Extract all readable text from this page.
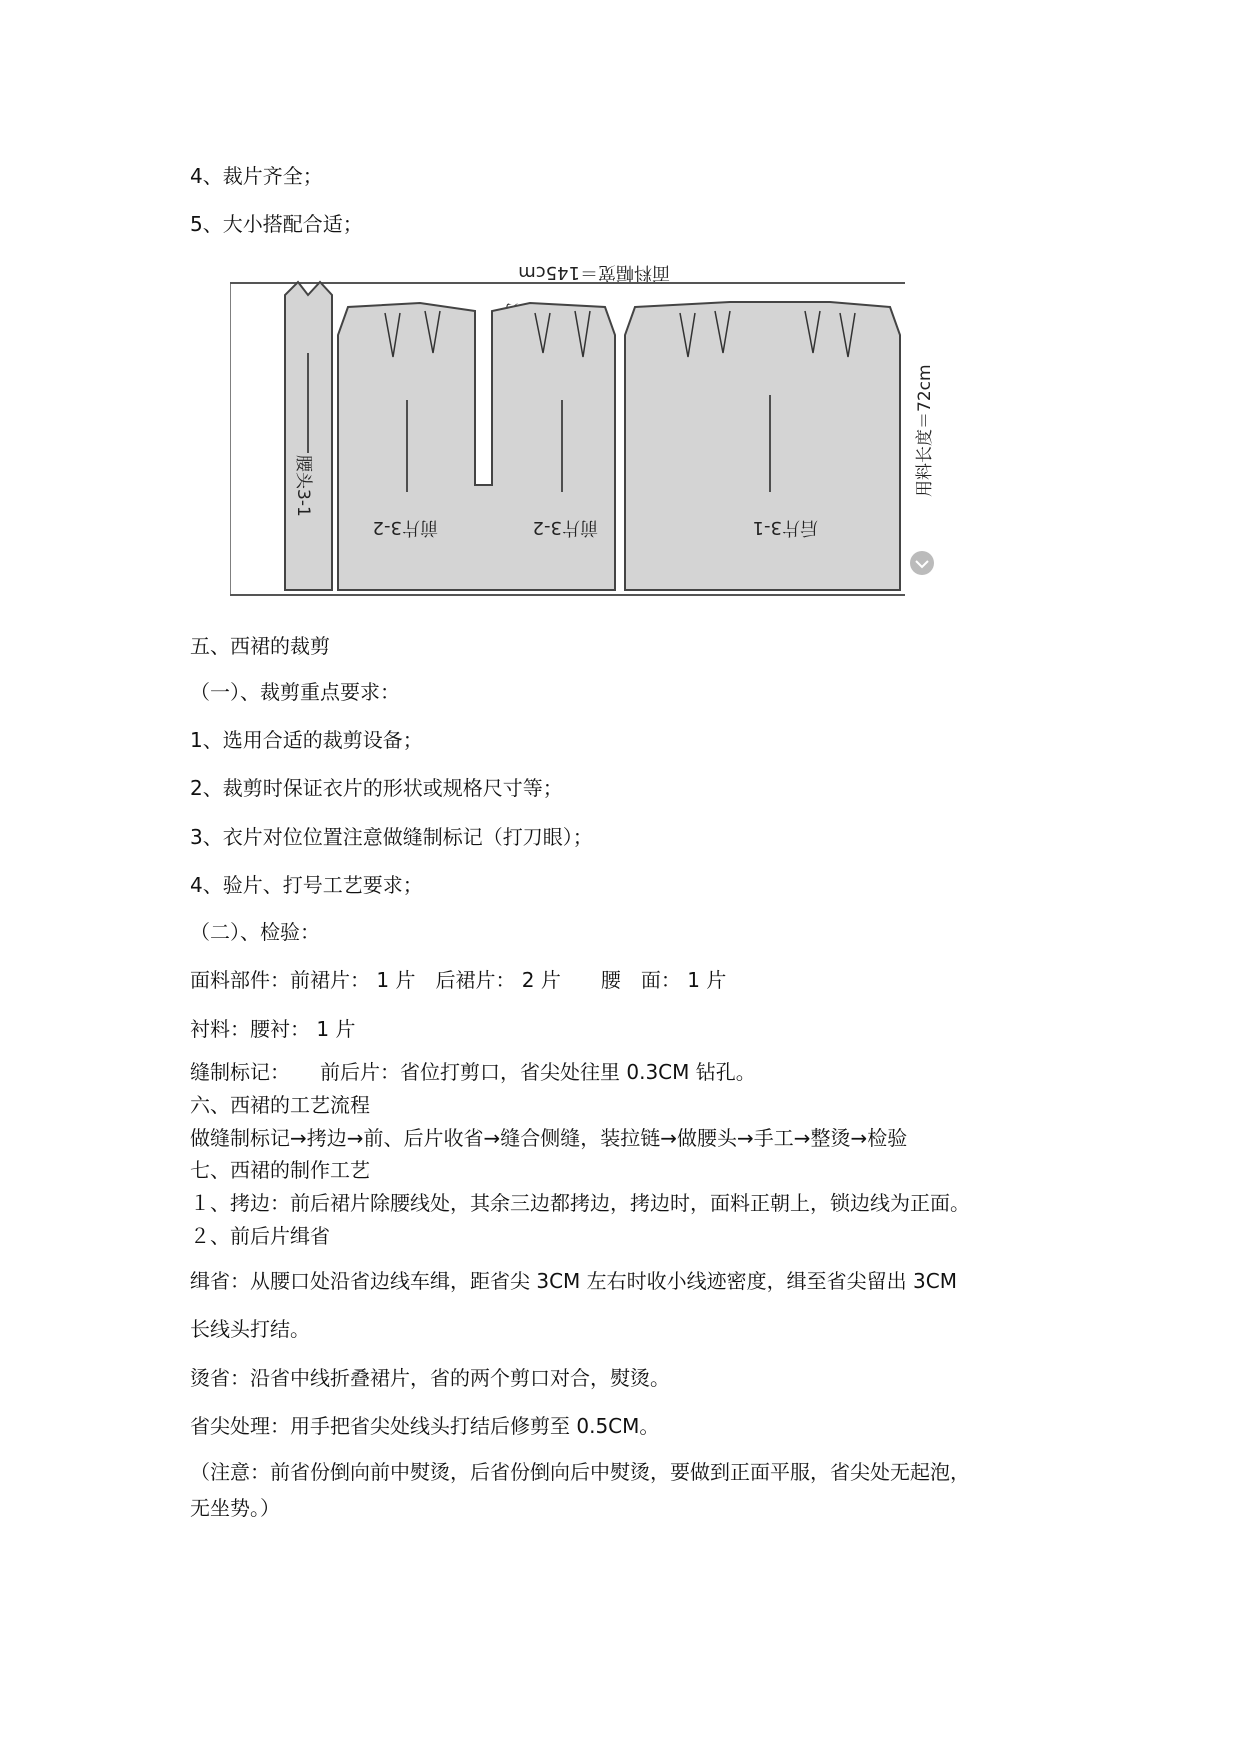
4、裁片齐全；
5、大小搭配合适；
面料幅宽＝145cm
腰头3-1
前片3-2	前片3-2	后片3-1
用料长度＝72cm
五、西裙的裁剪
（一）、裁剪重点要求：
1、选用合适的裁剪设备；
2、裁剪时保证衣片的形状或规格尺寸等；
3、衣片对位位置注意做缝制标记（打刀眼）；
4、验片、打号工艺要求；
（二）、检验：
面料部件：前裙片： 1 片　后裙片： 2 片　　腰　面： 1 片
衬料：腰衬： 1 片
缝制标记：　　前后片：省位打剪口，省尖处往里 0.3CM 钻孔。
六、西裙的工艺流程
做缝制标记→拷边→前、后片收省→缝合侧缝，装拉链→做腰头→手工→整烫→检验
七、西裙的制作工艺
１、拷边：前后裙片除腰线处，其余三边都拷边，拷边时，面料正朝上，锁边线为正面。
２、前后片缉省
缉省：从腰口处沿省边线车缉，距省尖 3CM 左右时收小线迹密度，缉至省尖留出 3CM
长线头打结。
烫省：沿省中线折叠裙片，省的两个剪口对合，熨烫。
省尖处理：用手把省尖处线头打结后修剪至 0.5CM。
（注意：前省份倒向前中熨烫，后省份倒向后中熨烫，要做到正面平服，省尖处无起泡，
无坐势。）
